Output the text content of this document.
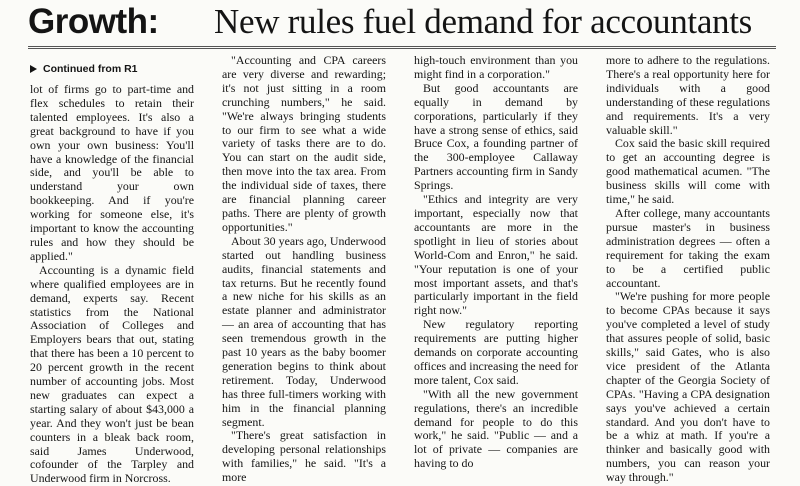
Growth: New rules fuel demand for accountants
Continued from R1

lot of firms go to part-time and flex schedules to retain their talented employees. It's also a great background to have if you own your own business: You'll have a knowledge of the financial side, and you'll be able to understand your own bookkeeping. And if you're working for someone else, it's important to know the accounting rules and how they should be applied."

Accounting is a dynamic field where qualified employees are in demand, experts say. Recent statistics from the National Association of Colleges and Employers bears that out, stating that there has been a 10 percent to 20 percent growth in the recent number of accounting jobs. Most new graduates can expect a starting salary of about $43,000 a year. And they won't just be bean counters in a bleak back room, said James Underwood, cofounder of the Tarpley and Underwood firm in Norcross.

"Accounting and CPA careers are very diverse and rewarding; it's not just sitting in a room crunching numbers," he said. "We're always bringing students to our firm to see what a wide variety of tasks there are to do. You can start on the audit side, then move into the tax area. From the individual side of taxes, there are financial planning career paths. There are plenty of growth opportunities."

About 30 years ago, Underwood started out handling business audits, financial statements and tax returns. But he recently found a new niche for his skills as an estate planner and administrator — an area of accounting that has seen tremendous growth in the past 10 years as the baby boomer generation begins to think about retirement. Today, Underwood has three full-timers working with him in the financial planning segment.

"There's great satisfaction in developing personal relationships with families," he said. "It's a more

high-touch environment than you might find in a corporation."

But good accountants are equally in demand by corporations, particularly if they have a strong sense of ethics, said Bruce Cox, a founding partner of the 300-employee Callaway Partners accounting firm in Sandy Springs.

"Ethics and integrity are very important, especially now that accountants are more in the spotlight in lieu of stories about World-Com and Enron," he said. "Your reputation is one of your most important assets, and that's particularly important in the field right now."

New regulatory reporting requirements are putting higher demands on corporate accounting offices and increasing the need for more talent, Cox said.

"With all the new government regulations, there's an incredible demand for people to do this work," he said. "Public — and a lot of private — companies are having to do

more to adhere to the regulations. There's a real opportunity here for individuals with a good understanding of these regulations and requirements. It's a very valuable skill."

Cox said the basic skill required to get an accounting degree is good mathematical acumen. "The business skills will come with time," he said.

After college, many accountants pursue master's in business administration degrees — often a requirement for taking the exam to be a certified public accountant.

"We're pushing for more people to become CPAs because it says you've completed a level of study that assures people of solid, basic skills," said Gates, who is also vice president of the Atlanta chapter of the Georgia Society of CPAs. "Having a CPA designation says you've achieved a certain standard. And you don't have to be a whiz at math. If you're a thinker and basically good with numbers, you can reason your way through."
